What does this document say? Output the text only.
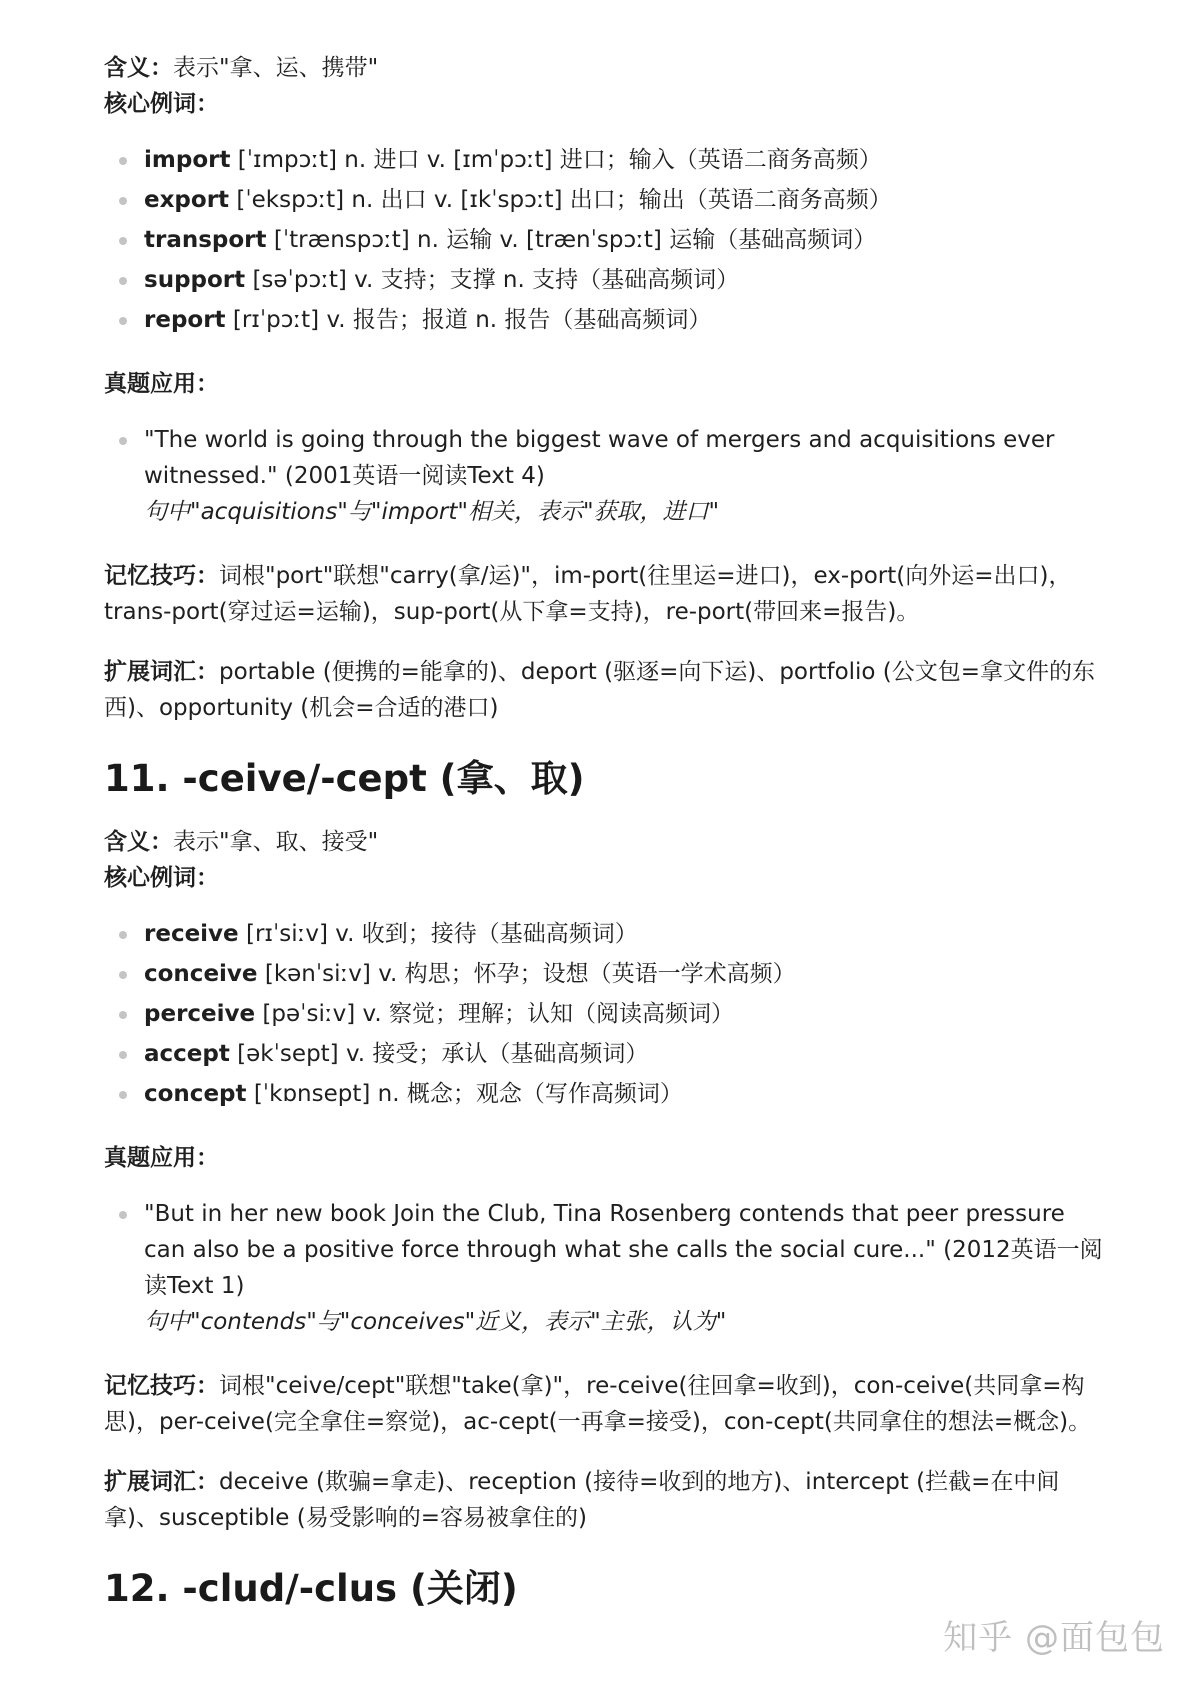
含义：表示"拿、运、携带"

核心例词：

import [ˈɪmpɔːt] n. 进口 v. [ɪmˈpɔːt] 进口；输入（英语二商务高频）
export [ˈekspɔːt] n. 出口 v. [ɪkˈspɔːt] 出口；输出（英语二商务高频）
transport [ˈtrænspɔːt] n. 运输 v. [trænˈspɔːt] 运输（基础高频词）
support [səˈpɔːt] v. 支持；支撑 n. 支持（基础高频词）
report [rɪˈpɔːt] v. 报告；报道 n. 报告（基础高频词）

真题应用：

"The world is going through the biggest wave of mergers and acquisitions ever witnessed." (2001英语一阅读Text 4)
句中"acquisitions"与"import"相关，表示"获取，进口"

记忆技巧：词根"port"联想"carry(拿/运)"，im-port(往里运=进口)，ex-port(向外运=出口)，trans-port(穿过运=运输)，sup-port(从下拿=支持)，re-port(带回来=报告)。

扩展词汇：portable (便携的=能拿的)、deport (驱逐=向下运)、portfolio (公文包=拿文件的东西)、opportunity (机会=合适的港口)

11. -ceive/-cept (拿、取)

含义：表示"拿、取、接受"

核心例词：

receive [rɪˈsiːv] v. 收到；接待（基础高频词）
conceive [kənˈsiːv] v. 构思；怀孕；设想（英语一学术高频）
perceive [pəˈsiːv] v. 察觉；理解；认知（阅读高频词）
accept [əkˈsept] v. 接受；承认（基础高频词）
concept [ˈkɒnsept] n. 概念；观念（写作高频词）

真题应用：

"But in her new book Join the Club, Tina Rosenberg contends that peer pressure can also be a positive force through what she calls the social cure..." (2012英语一阅读Text 1)
句中"contends"与"conceives"近义，表示"主张，认为"

记忆技巧：词根"ceive/cept"联想"take(拿)"，re-ceive(往回拿=收到)，con-ceive(共同拿=构思)，per-ceive(完全拿住=察觉)，ac-cept(一再拿=接受)，con-cept(共同拿住的想法=概念)。

扩展词汇：deceive (欺骗=拿走)、reception (接待=收到的地方)、intercept (拦截=在中间拿)、susceptible (易受影响的=容易被拿住的)

12. -clud/-clus (关闭)
知乎 @面包包
